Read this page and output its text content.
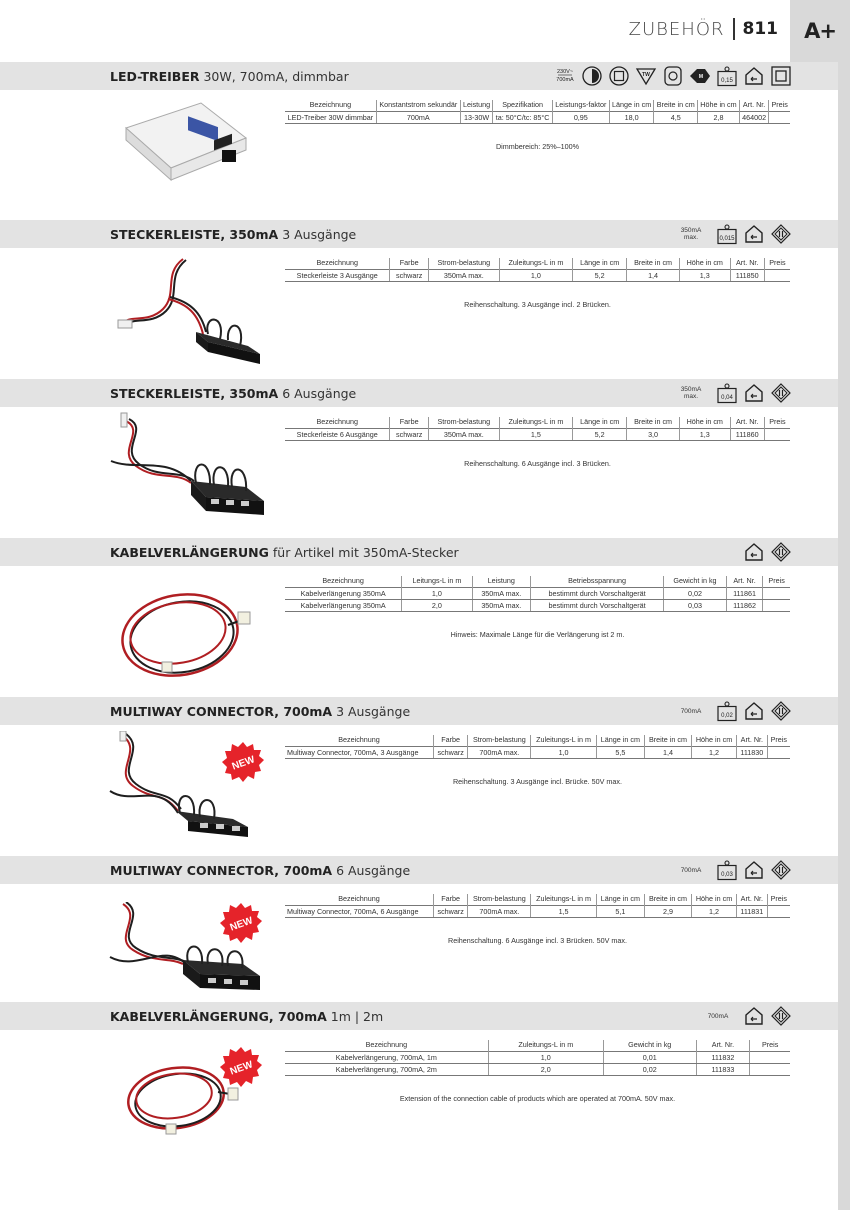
A+
ZUBEHÖR 811
LED-TREIBER 30W, 700mA, dimmbar	230V~
700mA
TW	M
0,15
Bezeichnung	Konstantstrom sekundär	Leistung	Spezifikation	Leistungs-faktor	Länge in cm	Breite in cm	Höhe in cm	Art. Nr.	Preis
LED-Treiber 30W dimmbar	700mA	13-30W	ta: 50°C/tc: 85°C	0,95	18,0	4,5	2,8	464002	
Dimmbereich: 25%–100%
STECKERLEISTE, 350mA 3 Ausgänge	350mA max.	0,015
Bezeichnung	Farbe	Strom-belastung	Zuleitungs-L in m	Länge in cm	Breite in cm	Höhe in cm	Art. Nr.	Preis
Steckerleiste 3 Ausgänge	schwarz	350mA max.	1,0	5,2	1,4	1,3	111850	
Reihenschaltung. 3 Ausgänge incl. 2 Brücken.
STECKERLEISTE, 350mA 6 Ausgänge	350mA max.	0,04
Bezeichnung	Farbe	Strom-belastung	Zuleitungs-L in m	Länge in cm	Breite in cm	Höhe in cm	Art. Nr.	Preis
Steckerleiste 6 Ausgänge	schwarz	350mA max.	1,5	5,2	3,0	1,3	111860	
Reihenschaltung. 6 Ausgänge incl. 3 Brücken.
KABELVERLÄNGERUNG für Artikel mit 350mA-Stecker
Bezeichnung	Leitungs-L in m	Leistung	Betriebsspannung	Gewicht in kg	Art. Nr.	Preis
Kabelverlängerung 350mA	1,0	350mA max.	bestimmt durch Vorschaltgerät	0,02	111861	
Kabelverlängerung 350mA	2,0	350mA max.	bestimmt durch Vorschaltgerät	0,03	111862	
Hinweis: Maximale Länge für die Verlängerung ist 2 m.
MULTIWAY CONNECTOR, 700mA 3 Ausgänge	700mA
0,02
NEW
Bezeichnung	Farbe	Strom-belastung	Zuleitungs-L in m	Länge in cm	Breite in cm	Höhe in cm	Art. Nr.	Preis
Multiway Connector, 700mA, 3 Ausgänge	schwarz	700mA max.	1,0	5,5	1,4	1,2	111830	
Reihenschaltung. 3 Ausgänge incl. Brücke. 50V max.
MULTIWAY CONNECTOR, 700mA 6 Ausgänge	700mA
0,03
NEW
Bezeichnung	Farbe	Strom-belastung	Zuleitungs-L in m	Länge in cm	Breite in cm	Höhe in cm	Art. Nr.	Preis
Multiway Connector, 700mA, 6 Ausgänge	schwarz	700mA max.	1,5	5,1	2,9	1,2	111831	
Reihenschaltung. 6 Ausgänge incl. 3 Brücken. 50V max.
KABELVERLÄNGERUNG, 700mA 1m | 2m	700mA
NEW
Bezeichnung	Zuleitungs-L in m	Gewicht in kg	Art. Nr.	Preis
Kabelverlängerung, 700mA, 1m	1,0	0,01	111832	
Kabelverlängerung, 700mA, 2m	2,0	0,02	111833	
Extension of the connection cable of products which are operated at 700mA. 50V max.
